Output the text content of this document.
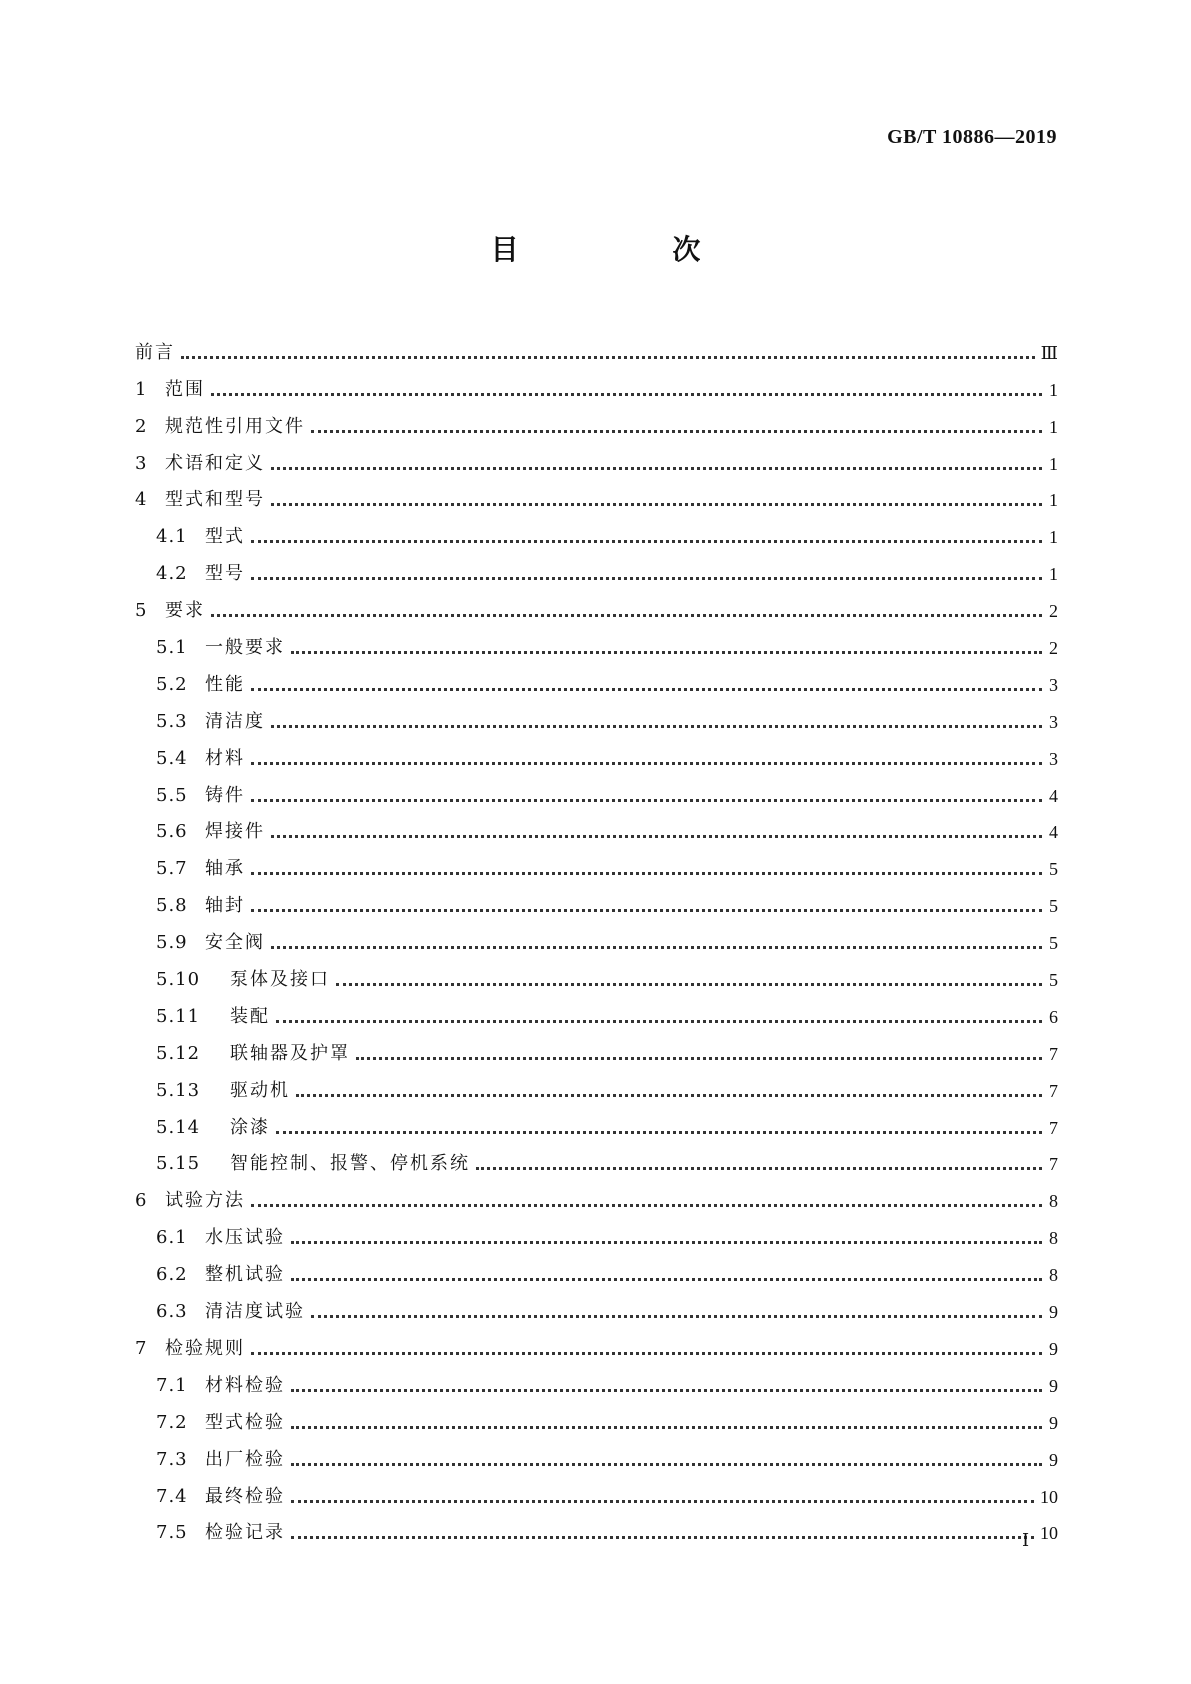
GB/T 10886—2019
目 次
前言	Ⅲ
1 范围	1
2 规范性引用文件	1
3 术语和定义	1
4 型式和型号	1
4.1 型式	1
4.2 型号	1
5 要求	2
5.1 一般要求	2
5.2 性能	3
5.3 清洁度	3
5.4 材料	3
5.5 铸件	4
5.6 焊接件	4
5.7 轴承	5
5.8 轴封	5
5.9 安全阀	5
5.10	泵体及接口	5
5.11	装配	6
5.12	联轴器及护罩	7
5.13	驱动机	7
5.14	涂漆	7
5.15	智能控制、报警、停机系统	7
6 试验方法	8
6.1 水压试验	8
6.2 整机试验	8
6.3 清洁度试验	9
7 检验规则	9
7.1 材料检验	9
7.2 型式检验	9
7.3 出厂检验	9
7.4 最终检验	10
7.5 检验记录	10
Ⅰ
